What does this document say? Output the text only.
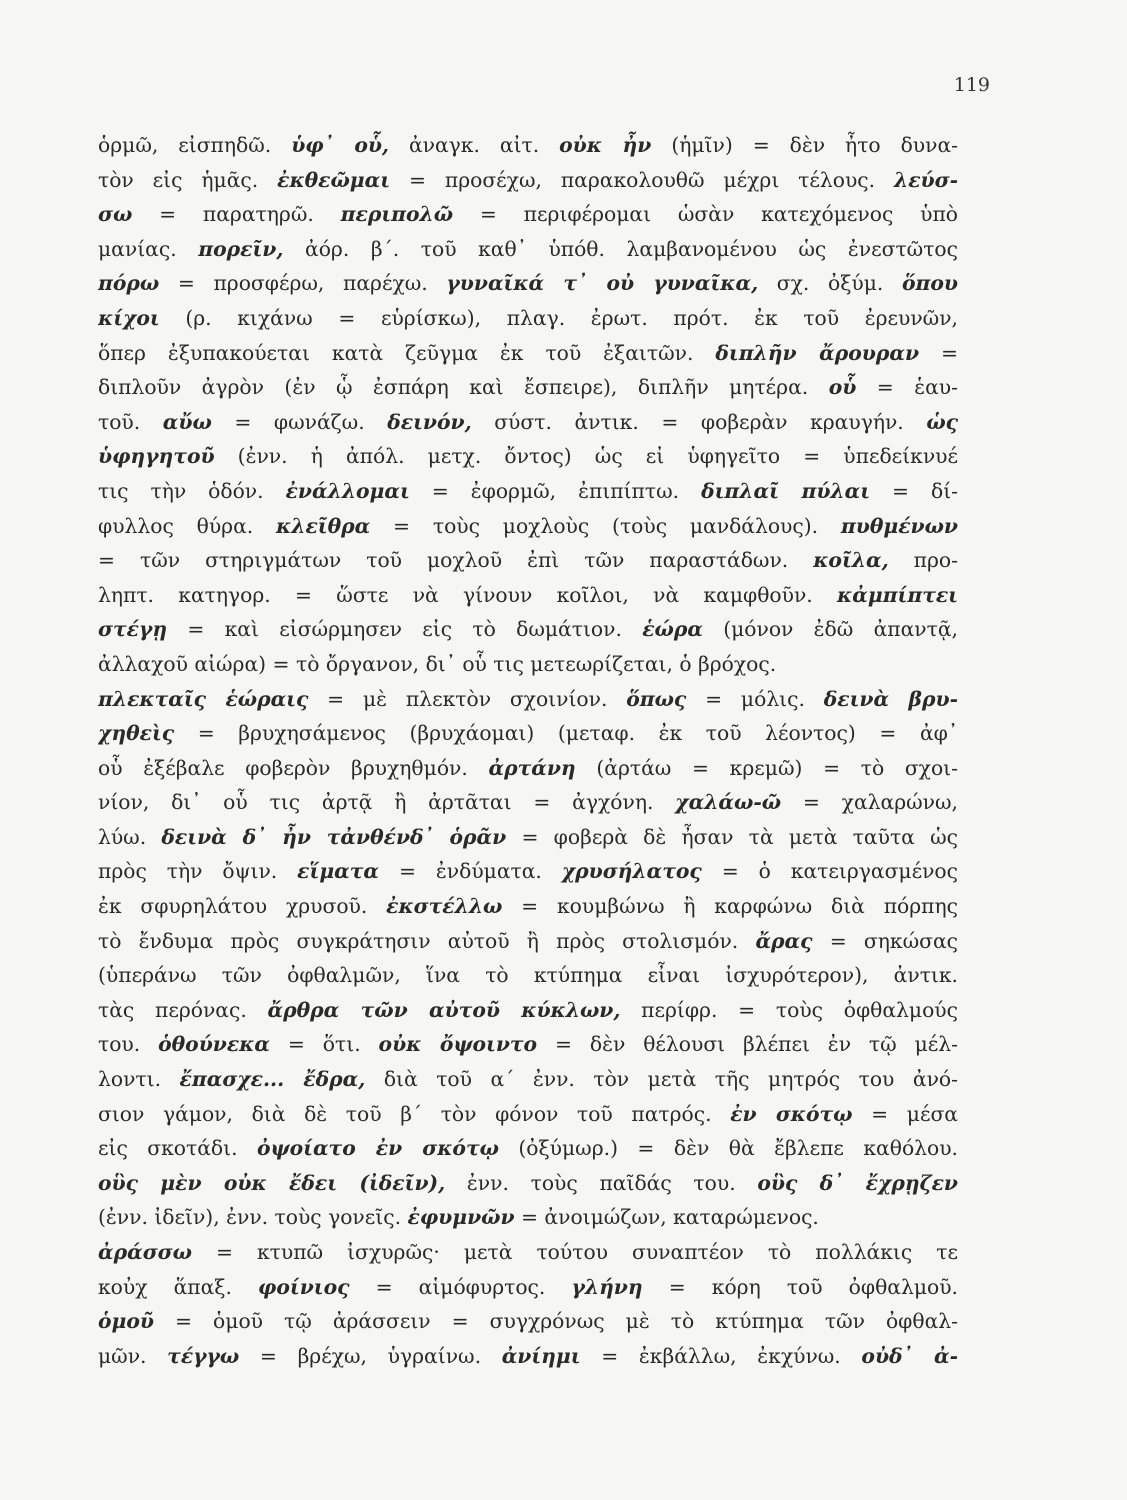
119
ὁρμῶ, εἰσπηδῶ. ὑφ᾽ οὗ, ἀναγκ. αἰτ. οὐκ ἦν (ἡμῖν) = δὲν ἦτο δυνα-
τὸν εἰς ἡμᾶς. ἐκθεῶμαι = προσέχω, παρακολουθῶ μέχρι τέλους. λεύσ-
σω = παρατηρῶ. περιπολῶ = περιφέρομαι ὡσὰν κατεχόμενος ὑπὸ
μανίας. πορεῖν, ἀόρ. β΄. τοῦ καθ᾽ ὑπόθ. λαμβανομένου ὡς ἐνεστῶτος
πόρω = προσφέρω, παρέχω. γυναῖκά τ᾽ οὐ γυναῖκα, σχ. ὀξύμ. ὅπου
κίχοι (ρ. κιχάνω = εὑρίσκω), πλαγ. ἐρωτ. πρότ. ἐκ τοῦ ἐρευνῶν,
ὅπερ ἐξυπακούεται κατὰ ζεῦγμα ἐκ τοῦ ἐξαιτῶν. διπλῆν ἄρουραν =
διπλοῦν ἀγρὸν (ἐν ᾧ ἐσπάρη καὶ ἔσπειρε), διπλῆν μητέρα. οὗ = ἑαυ-
τοῦ. αὔω = φωνάζω. δεινόν, σύστ. ἀντικ. = φοβερὰν κραυγήν. ὡς
ὑφηγητοῦ (ἐνν. ἡ ἀπόλ. μετχ. ὄντος) ὡς εἰ ὑφηγεῖτο = ὑπεδείκνυέ
τις τὴν ὁδόν. ἐνάλλομαι = ἐφορμῶ, ἐπιπίπτω. διπλαῖ πύλαι = δί-
φυλλος θύρα. κλεῖθρα = τοὺς μοχλοὺς (τοὺς μανδάλους). πυθμένων
= τῶν στηριγμάτων τοῦ μοχλοῦ ἐπὶ τῶν παραστάδων. κοῖλα, προ-
ληπτ. κατηγορ. = ὥστε νὰ γίνουν κοῖλοι, νὰ καμφθοῦν. κἀμπίπτει
στέγῃ = καὶ εἰσώρμησεν εἰς τὸ δωμάτιον. ἑώρα (μόνον ἐδῶ ἀπαντᾷ,
ἀλλαχοῦ αἰώρα) = τὸ ὄργανον, δι᾽ οὗ τις μετεωρίζεται, ὁ βρόχος.
πλεκταῖς ἑώραις = μὲ πλεκτὸν σχοινίον. ὅπως = μόλις. δεινὰ βρυ-
χηθεὶς = βρυχησάμενος (βρυχάομαι) (μεταφ. ἐκ τοῦ λέοντος) = ἀφ᾽
οὗ ἐξέβαλε φοβερὸν βρυχηθμόν. ἀρτάνη (ἀρτάω = κρεμῶ) = τὸ σχοι-
νίον, δι᾽ οὗ τις ἀρτᾷ ἢ ἀρτᾶται = ἀγχόνη. χαλάω-ῶ = χαλαρώνω,
λύω. δεινὰ δ᾽ ἦν τἀνθένδ᾽ ὁρᾶν = φοβερὰ δὲ ἦσαν τὰ μετὰ ταῦτα ὡς
πρὸς τὴν ὄψιν. εἵματα = ἐνδύματα. χρυσήλατος = ὁ κατειργασμένος
ἐκ σφυρηλάτου χρυσοῦ. ἐκστέλλω = κουμβώνω ἢ καρφώνω διὰ πόρπης
τὸ ἔνδυμα πρὸς συγκράτησιν αὐτοῦ ἢ πρὸς στολισμόν. ἄρας = σηκώσας
(ὑπεράνω τῶν ὀφθαλμῶν, ἵνα τὸ κτύπημα εἶναι ἰσχυρότερον), ἀντικ.
τὰς περόνας. ἄρθρα τῶν αὐτοῦ κύκλων, περίφρ. = τοὺς ὀφθαλμούς
του. ὁθούνεκα = ὅτι. οὐκ ὄψοιντο = δὲν θέλουσι βλέπει ἐν τῷ μέλ-
λοντι. ἔπασχε... ἔδρα, διὰ τοῦ α΄ ἐνν. τὸν μετὰ τῆς μητρός του ἀνό-
σιον γάμον, διὰ δὲ τοῦ β΄ τὸν φόνον τοῦ πατρός. ἐν σκότῳ = μέσα
εἰς σκοτάδι. ὀψοίατο ἐν σκότῳ (ὀξύμωρ.) = δὲν θὰ ἔβλεπε καθόλου.
οὓς μὲν οὐκ ἔδει (ἰδεῖν), ἐνν. τοὺς παῖδάς του. οὓς δ᾽ ἔχρῃζεν
(ἐνν. ἰδεῖν), ἐνν. τοὺς γονεῖς. ἐφυμνῶν = ἀνοιμώζων, καταρώμενος.
ἀράσσω = κτυπῶ ἰσχυρῶς· μετὰ τούτου συναπτέον τὸ πολλάκις τε
κοὐχ ἅπαξ. φοίνιος = αἱμόφυρτος. γλήνη = κόρη τοῦ ὀφθαλμοῦ.
ὁμοῦ = ὁμοῦ τῷ ἀράσσειν = συγχρόνως μὲ τὸ κτύπημα τῶν ὀφθαλ-
μῶν. τέγγω = βρέχω, ὑγραίνω. ἀνίημι = ἐκβάλλω, ἐκχύνω. οὐδ᾽ ἀ-
